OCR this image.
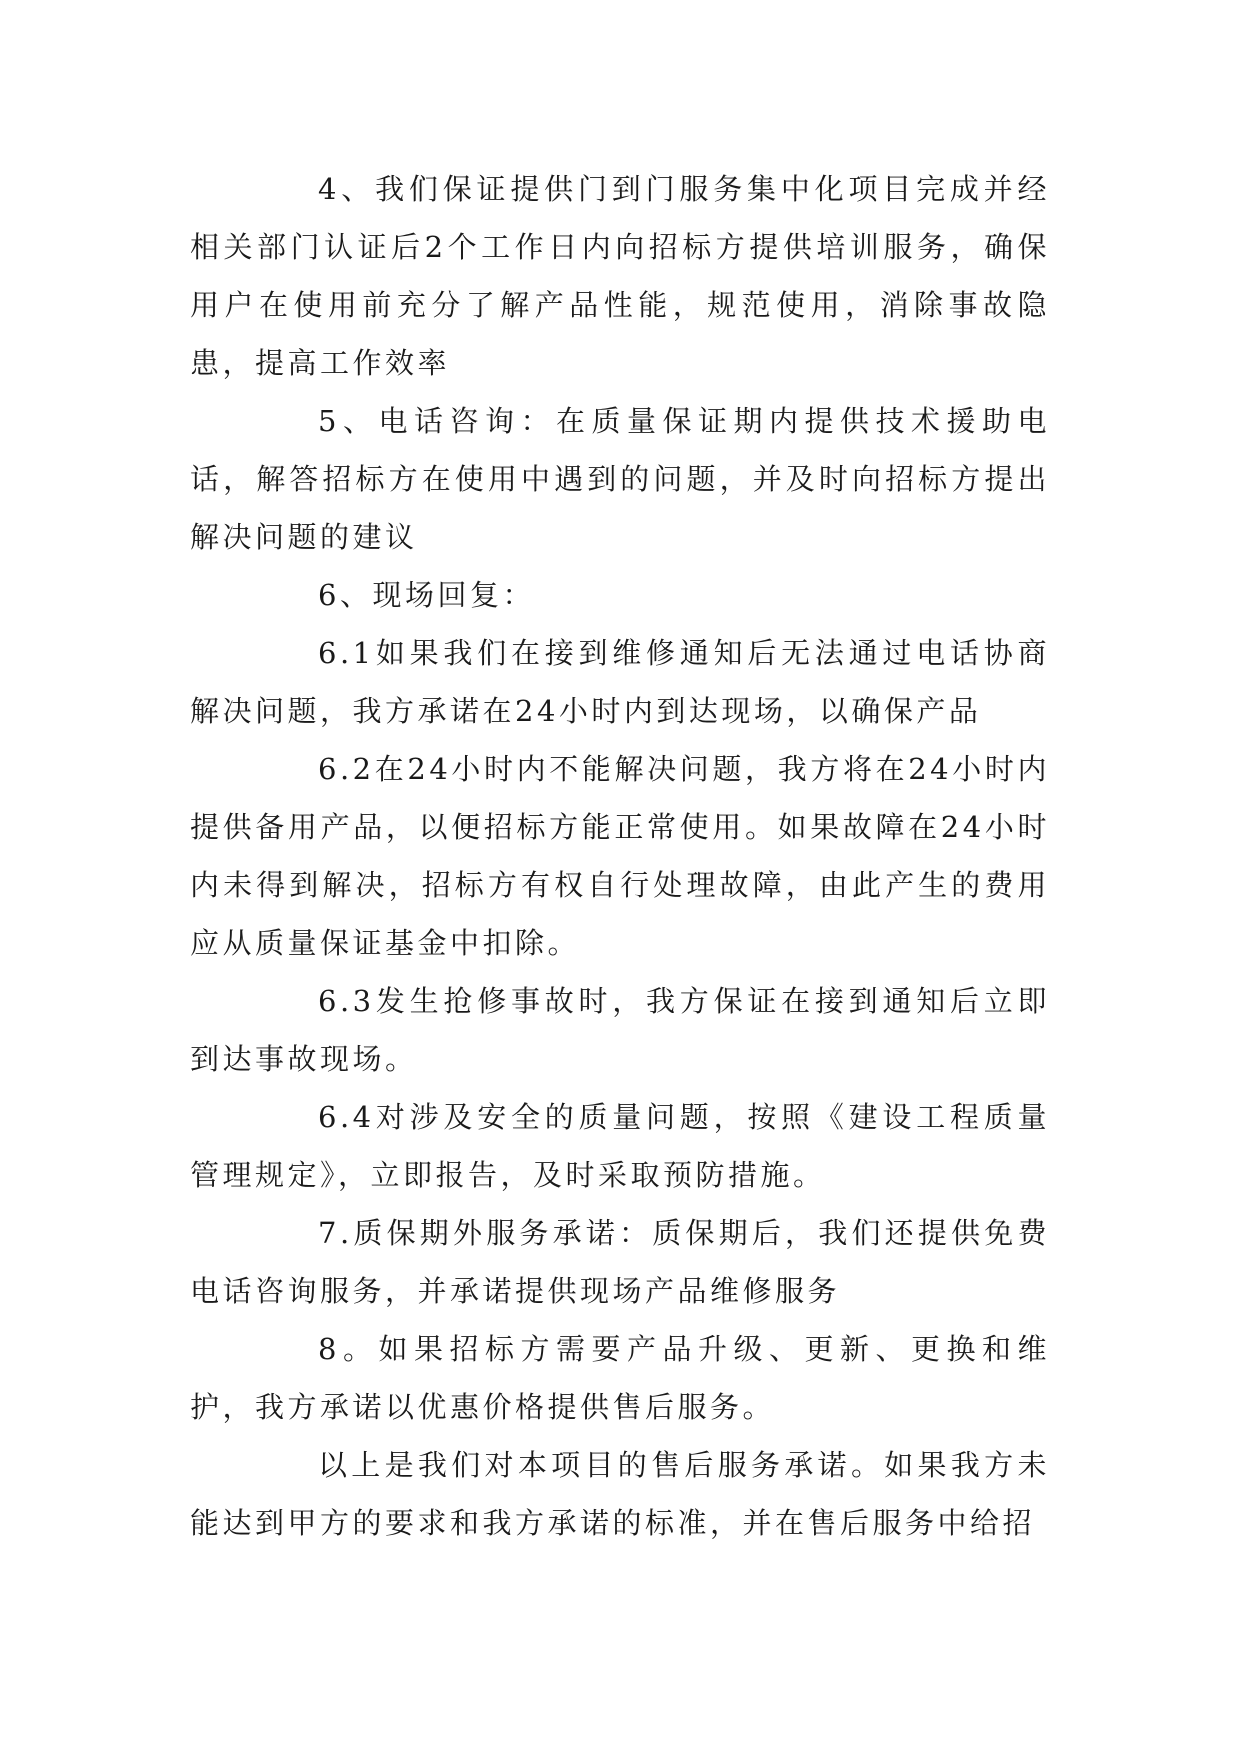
4、我们保证提供门到门服务集中化项目完成并经相关部门认证后2个工作日内向招标方提供培训服务，确保用户在使用前充分了解产品性能，规范使用，消除事故隐患，提高工作效率

5、电话咨询：在质量保证期内提供技术援助电话，解答招标方在使用中遇到的问题，并及时向招标方提出解决问题的建议

6、现场回复：

6.1如果我们在接到维修通知后无法通过电话协商解决问题，我方承诺在24小时内到达现场，以确保产品

6.2在24小时内不能解决问题，我方将在24小时内提供备用产品，以便招标方能正常使用。如果故障在24小时内未得到解决，招标方有权自行处理故障，由此产生的费用应从质量保证基金中扣除。

6.3发生抢修事故时，我方保证在接到通知后立即到达事故现场。

6.4对涉及安全的质量问题，按照《建设工程质量管理规定》，立即报告，及时采取预防措施。

7.质保期外服务承诺：质保期后，我们还提供免费电话咨询服务，并承诺提供现场产品维修服务

8。如果招标方需要产品升级、更新、更换和维护，我方承诺以优惠价格提供售后服务。

以上是我们对本项目的售后服务承诺。如果我方未能达到甲方的要求和我方承诺的标准，并在售后服务中给招
